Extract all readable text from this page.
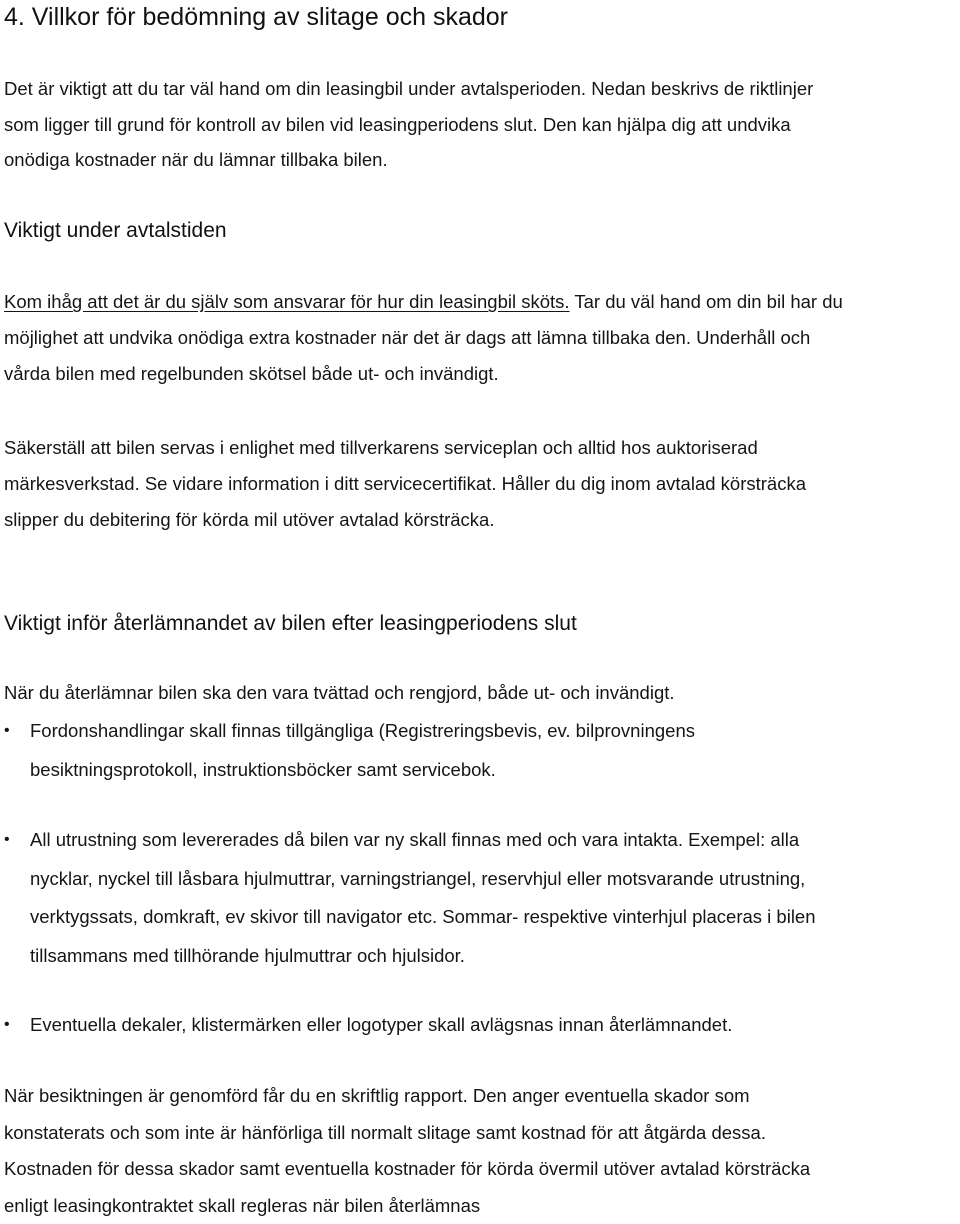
4. Villkor för bedömning av slitage och skador

Det är viktigt att du tar väl hand om din leasingbil under avtalsperioden. Nedan beskrivs de riktlinjer
som ligger till grund för kontroll av bilen vid leasingperiodens slut. Den kan hjälpa dig att undvika
onödiga kostnader när du lämnar tillbaka bilen.

Viktigt under avtalstiden

Kom ihåg att det är du själv som ansvarar för hur din leasingbil sköts. Tar du väl hand om din bil har du
möjlighet att undvika onödiga extra kostnader när det är dags att lämna tillbaka den. Underhåll och
vårda bilen med regelbunden skötsel både ut- och invändigt.

Säkerställ att bilen servas i enlighet med tillverkarens serviceplan och alltid hos auktoriserad
märkesverkstad. Se vidare information i ditt servicecertifikat. Håller du dig inom avtalad körsträcka
slipper du debitering för körda mil utöver avtalad körsträcka.

Viktigt inför återlämnandet av bilen efter leasingperiodens slut

När du återlämnar bilen ska den vara tvättad och rengjord, både ut- och invändigt.

• Fordonshandlingar skall finnas tillgängliga (Registreringsbevis, ev. bilprovningens
besiktningsprotokoll, instruktionsböcker samt servicebok.
• All utrustning som levererades då bilen var ny skall finnas med och vara intakta. Exempel: alla
nycklar, nyckel till låsbara hjulmuttrar, varningstriangel, reservhjul eller motsvarande utrustning,
verktygssats, domkraft, ev skivor till navigator etc. Sommar- respektive vinterhjul placeras i bilen
tillsammans med tillhörande hjulmuttrar och hjulsidor.
• Eventuella dekaler, klistermärken eller logotyper skall avlägsnas innan återlämnandet.

När besiktningen är genomförd får du en skriftlig rapport. Den anger eventuella skador som
konstaterats och som inte är hänförliga till normalt slitage samt kostnad för att åtgärda dessa.
Kostnaden för dessa skador samt eventuella kostnader för körda övermil utöver avtalad körsträcka
enligt leasingkontraktet skall regleras när bilen återlämnas
